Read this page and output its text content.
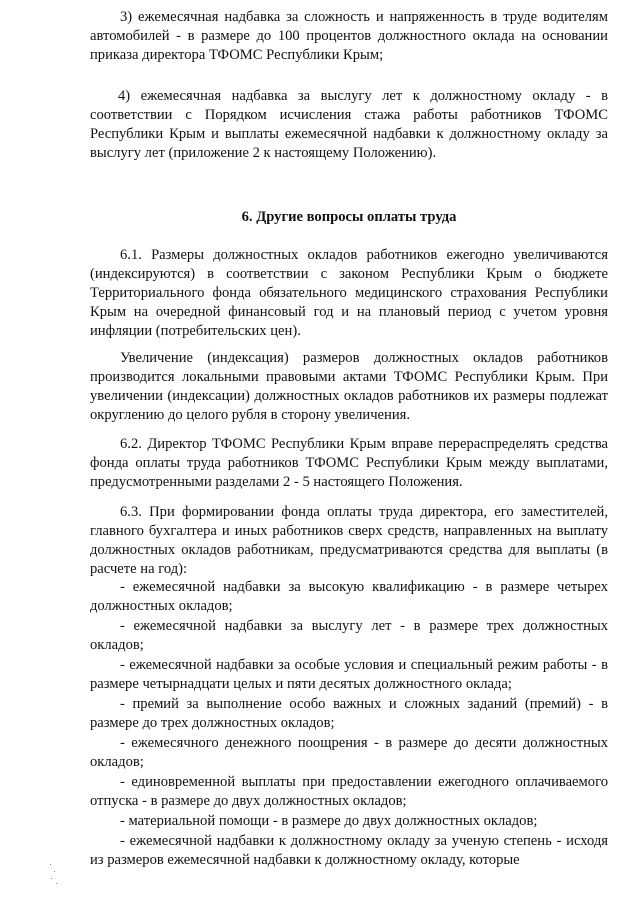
3) ежемесячная надбавка за сложность и напряженность в труде водителям автомобилей - в размере до 100 процентов должностного оклада на основании приказа директора ТФОМС Республики Крым;

4) ежемесячная надбавка за выслугу лет к должностному окладу - в соответствии с Порядком исчисления стажа работы работников ТФОМС Республики Крым и выплаты ежемесячной надбавки к должностному окладу за выслугу лет (приложение 2 к настоящему Положению).

6. Другие вопросы оплаты труда

6.1. Размеры должностных окладов работников ежегодно увеличиваются (индексируются) в соответствии с законом Республики Крым о бюджете Территориального фонда обязательного медицинского страхования Республики Крым на очередной финансовый год и на плановый период с учетом уровня инфляции (потребительских цен).

Увеличение (индексация) размеров должностных окладов работников производится локальными правовыми актами ТФОМС Республики Крым. При увеличении (индексации) должностных окладов работников их размеры подлежат округлению до целого рубля в сторону увеличения.

6.2. Директор ТФОМС Республики Крым вправе перераспределять средства фонда оплаты труда работников ТФОМС Республики Крым между выплатами, предусмотренными разделами 2 - 5 настоящего Положения.

6.3. При формировании фонда оплаты труда директора, его заместителей, главного бухгалтера и иных работников сверх средств, направленных на выплату должностных окладов работникам, предусматриваются средства для выплаты (в расчете на год):

- ежемесячной надбавки за высокую квалификацию - в размере четырех должностных окладов;

- ежемесячной надбавки за выслугу лет - в размере трех должностных окладов;

- ежемесячной надбавки за особые условия и специальный режим работы - в размере четырнадцати целых и пяти десятых должностного оклада;

- премий за выполнение особо важных и сложных заданий (премий) - в размере до трех должностных окладов;

- ежемесячного денежного поощрения - в размере до десяти должностных окладов;

- единовременной выплаты при предоставлении ежегодного оплачиваемого отпуска - в размере до двух должностных окладов;

- материальной помощи - в размере до двух должностных окладов;

- ежемесячной надбавки к должностному окладу за ученую степень - исходя из размеров ежемесячной надбавки к должностному окладу, которые
